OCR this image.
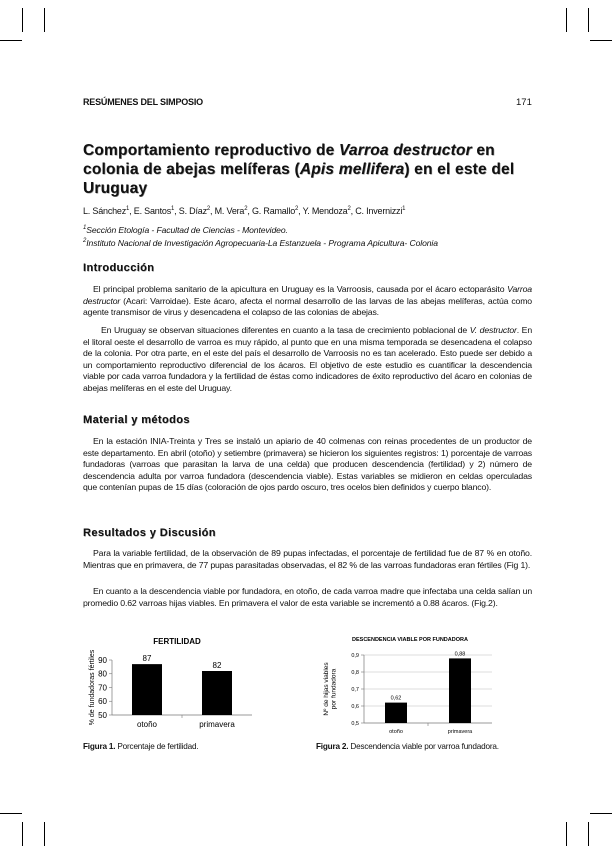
RESÚMENES DEL SIMPOSIO	171
Comportamiento reproductivo de Varroa destructor en colonia de abejas melíferas (Apis mellifera) en el este del Uruguay
L. Sánchez$^1$, E. Santos$^1$, S. Díaz$^2$, M. Vera$^2$, G. Ramallo$^2$, Y. Mendoza$^2$, C. Invernizzi$^1$
$^1$Sección Etología - Facultad de Ciencias - Montevideo.
$^2$Instituto Nacional de Investigación Agropecuaria-La Estanzuela - Programa Apicultura- Colonia
Introducción
El principal problema sanitario de la apicultura en Uruguay es la Varroosis, causada por el ácaro ectoparásito Varroa destructor (Acari: Varroidae). Este ácaro, afecta el normal desarrollo de las larvas de las abejas melíferas, actúa como agente transmisor de virus y desencadena el colapso de las colonias de abejas.
En Uruguay se observan situaciones diferentes en cuanto a la tasa de crecimiento poblacional de V. destructor. En el litoral oeste el desarrollo de varroa es muy rápido, al punto que en una misma temporada se desencadena el colapso de la colonia. Por otra parte, en el este del país el desarrollo de Varroosis no es tan acelerado. Esto puede ser debido a un comportamiento reproductivo diferencial de los ácaros. El objetivo de este estudio es cuantificar la descendencia viable por cada varroa fundadora y la fertilidad de éstas como indicadores de éxito reproductivo del ácaro en colonias de abejas melíferas en el este del Uruguay.
Material y métodos
En la estación INIA-Treinta y Tres se instaló un apiario de 40 colmenas con reinas procedentes de un productor de este departamento. En abril (otoño) y setiembre (primavera) se hicieron los siguientes registros: 1) porcentaje de varroas fundadoras (varroas que parasitan la larva de una celda) que producen descendencia (fertilidad) y 2) número de descendencia adulta por varroa fundadora (descendencia viable). Estas variables se midieron en celdas operculadas que contenían pupas de 15 días (coloración de ojos pardo oscuro, tres ocelos bien definidos y cuerpo blanco).
Resultados y Discusión
Para la variable fertilidad, de la observación de 89 pupas infectadas, el porcentaje de fertilidad fue de 87 % en otoño. Mientras que en primavera, de 77 pupas parasitadas observadas, el 82 % de las varroas fundadoras eran fértiles (Fig 1).
En cuanto a la descendencia viable por fundadora, en otoño, de cada varroa madre que infectaba una celda salían un promedio 0.62 varroas hijas viables. En primavera el valor de esta variable se incrementó a 0.88 ácaros. (Fig.2).
FERTILIDAD
50
60
70
80
90	87
otoño
82
primavera
% de fundadoras fértiles
DESCENDENCIA VIABLE POR FUNDADORA
0,5
0,6
0,7
0,8
0,9
0,62
otoño
0,88
primavera
Nº de hijas viablespor fundadora
Figura 1. Porcentaje de fertilidad.	Figura 2. Descendencia viable por varroa fundadora.
